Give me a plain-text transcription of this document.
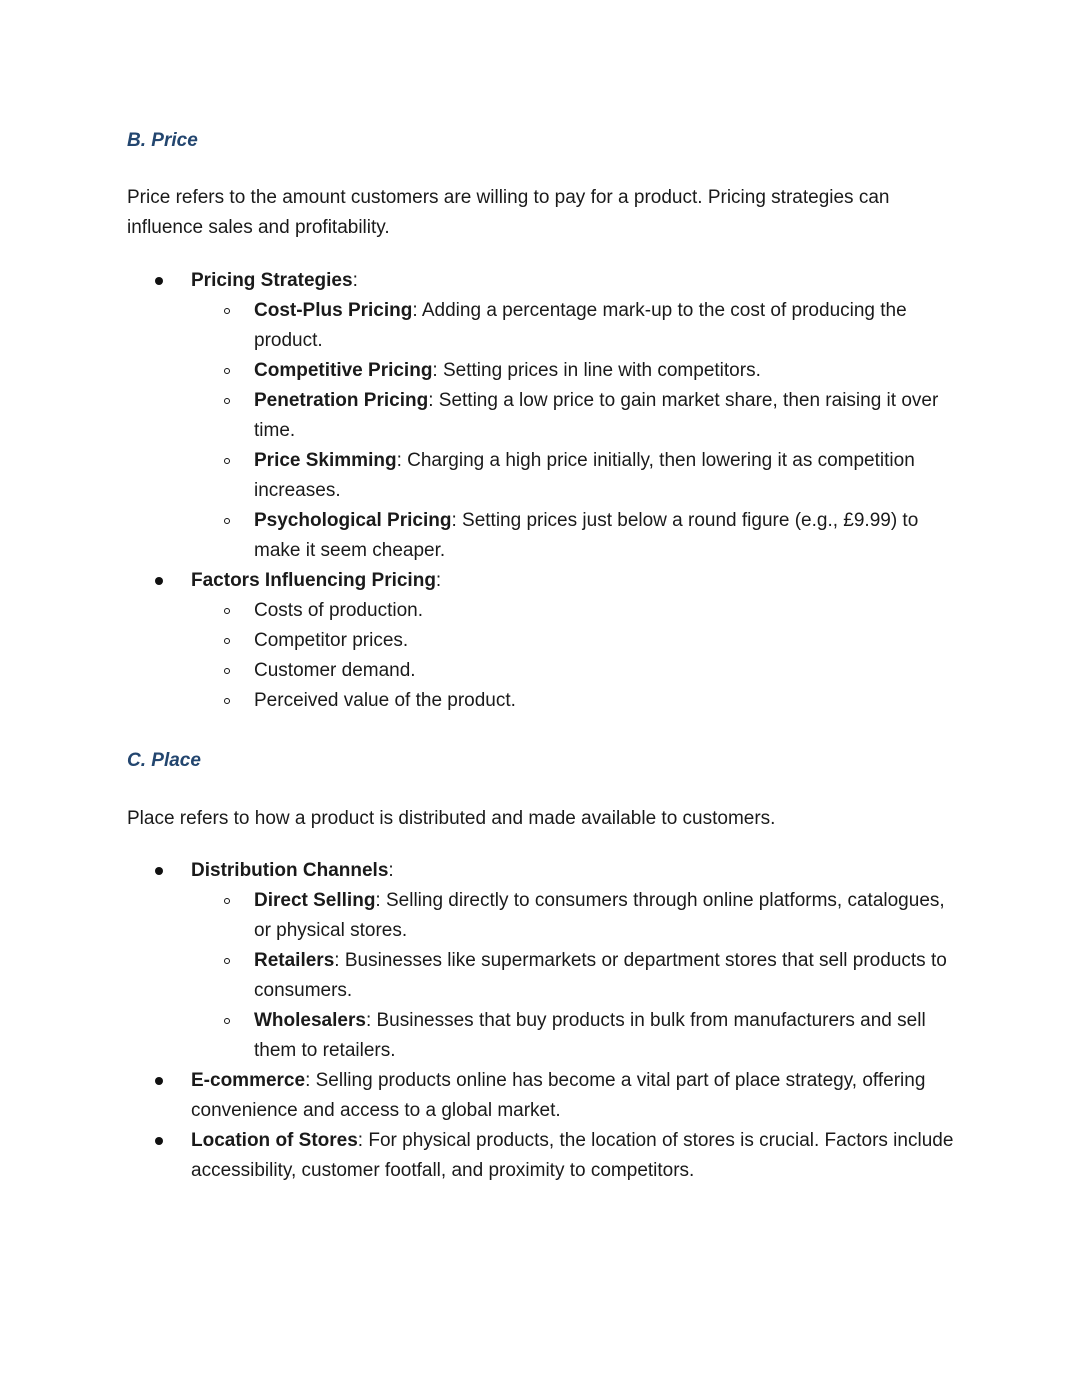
B. Price

Price refers to the amount customers are willing to pay for a product. Pricing strategies can influence sales and profitability.

Pricing Strategies:
Cost-Plus Pricing: Adding a percentage mark-up to the cost of producing the product.
Competitive Pricing: Setting prices in line with competitors.
Penetration Pricing: Setting a low price to gain market share, then raising it over time.
Price Skimming: Charging a high price initially, then lowering it as competition increases.
Psychological Pricing: Setting prices just below a round figure (e.g., £9.99) to make it seem cheaper.
Factors Influencing Pricing:
Costs of production.
Competitor prices.
Customer demand.
Perceived value of the product.
C. Place

Place refers to how a product is distributed and made available to customers.

Distribution Channels:
Direct Selling: Selling directly to consumers through online platforms, catalogues, or physical stores.
Retailers: Businesses like supermarkets or department stores that sell products to consumers.
Wholesalers: Businesses that buy products in bulk from manufacturers and sell them to retailers.
E-commerce: Selling products online has become a vital part of place strategy, offering convenience and access to a global market.
Location of Stores: For physical products, the location of stores is crucial. Factors include accessibility, customer footfall, and proximity to competitors.
